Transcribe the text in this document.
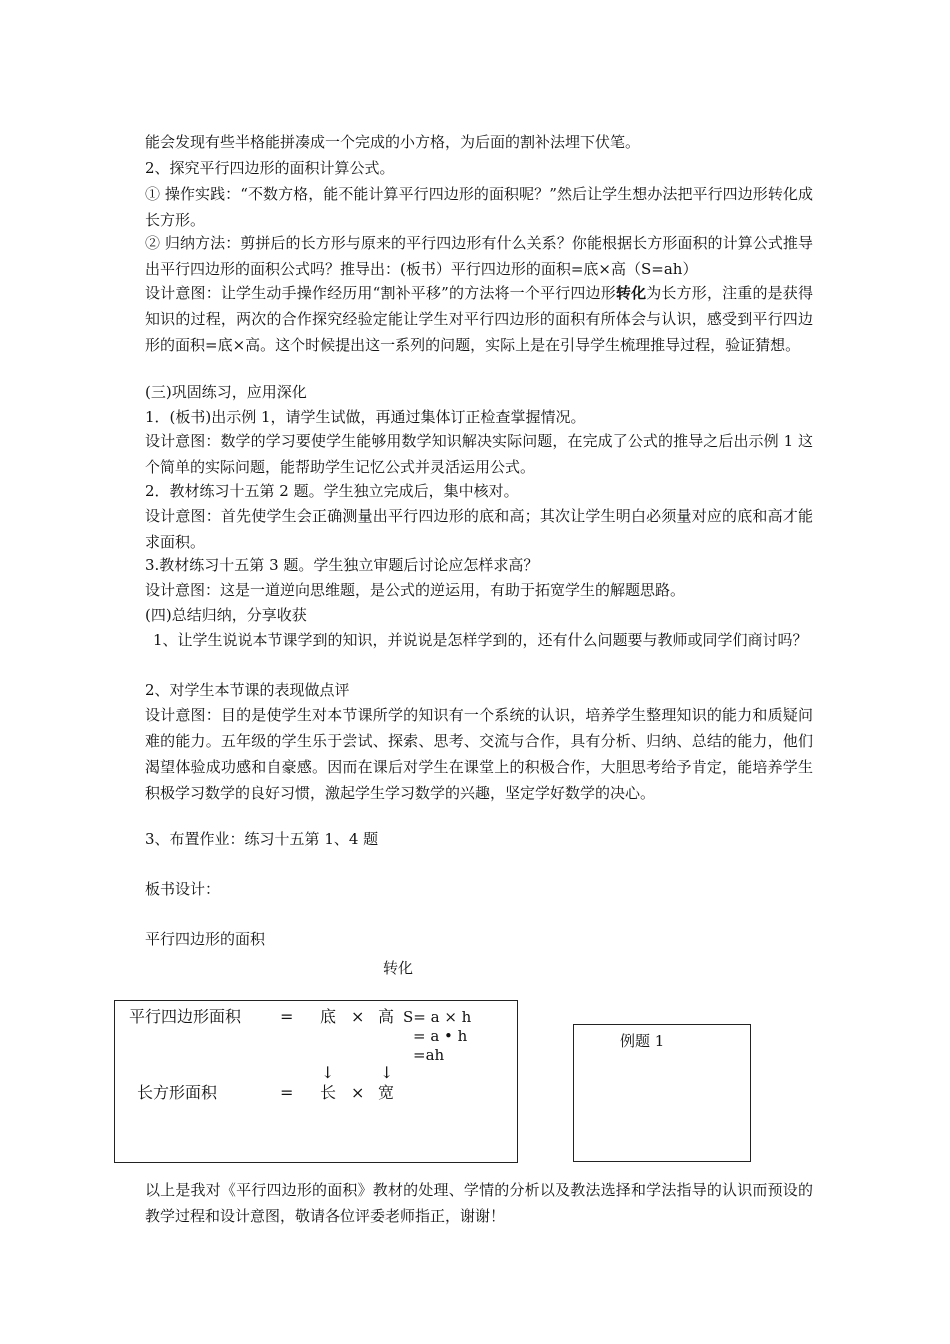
能会发现有些半格能拼凑成一个完成的小方格，为后面的割补法埋下伏笔。

2、探究平行四边形的面积计算公式。

① 操作实践：“不数方格，能不能计算平行四边形的面积呢？”然后让学生想办法把平行四边形转化成长方形。

② 归纳方法：剪拼后的长方形与原来的平行四边形有什么关系？你能根据长方形面积的计算公式推导出平行四边形的面积公式吗？推导出：(板书）平行四边形的面积=底×高（S=ah）

设计意图：让学生动手操作经历用“割补平移”的方法将一个平行四边形转化为长方形，注重的是获得知识的过程，两次的合作探究经验定能让学生对平行四边形的面积有所体会与认识，感受到平行四边形的面积=底×高。这个时候提出这一系列的问题，实际上是在引导学生梳理推导过程，验证猜想。

(三)巩固练习，应用深化

1．(板书)出示例 1，请学生试做，再通过集体订正检查掌握情况。

设计意图：数学的学习要使学生能够用数学知识解决实际问题，在完成了公式的推导之后出示例 1 这个简单的实际问题，能帮助学生记忆公式并灵活运用公式。

2．教材练习十五第 2 题。学生独立完成后，集中核对。

设计意图：首先使学生会正确测量出平行四边形的底和高；其次让学生明白必须量对应的底和高才能求面积。

3.教材练习十五第 3 题。学生独立审题后讨论应怎样求高？

设计意图：这是一道逆向思维题，是公式的逆运用，有助于拓宽学生的解题思路。

(四)总结归纳，分享收获

1、让学生说说本节课学到的知识，并说说是怎样学到的，还有什么问题要与教师或同学们商讨吗？

2、对学生本节课的表现做点评

设计意图：目的是使学生对本节课所学的知识有一个系统的认识，培养学生整理知识的能力和质疑问难的能力。五年级的学生乐于尝试、探索、思考、交流与合作，具有分析、归纳、总结的能力，他们渴望体验成功感和自豪感。因而在课后对学生在课堂上的积极合作，大胆思考给予肯定，能培养学生积极学习数学的良好习惯，激起学生学习数学的兴趣，坚定学好数学的决心。

3、布置作业：练习十五第 1、4 题

板书设计：

平行四边形的面积

转化

平行四边形面积 = 底 × 高 S= a × h
= a • h
=ah
↓	↓
长方形面积	= 长 × 宽
例题 1

以上是我对《平行四边形的面积》教材的处理、学情的分析以及教法选择和学法指导的认识而预设的教学过程和设计意图，敬请各位评委老师指正，谢谢！
